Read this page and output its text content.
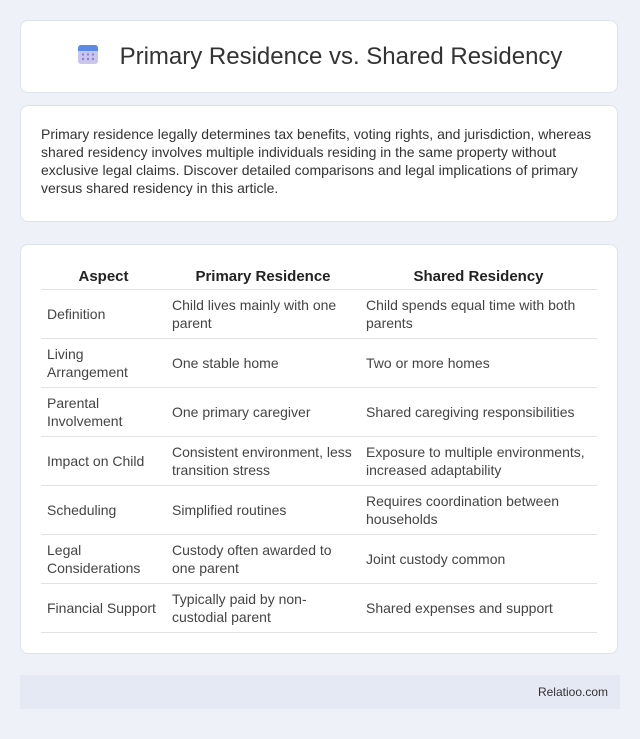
Primary Residence vs. Shared Residency

Primary residence legally determines tax benefits, voting rights, and jurisdiction, whereas shared residency involves multiple individuals residing in the same property without exclusive legal claims. Discover detailed comparisons and legal implications of primary versus shared residency in this article.

Aspect	Primary Residence	Shared Residency
Definition	Child lives mainly with one parent	Child spends equal time with both parents
Living Arrangement	One stable home	Two or more homes
Parental Involvement	One primary caregiver	Shared caregiving responsibilities
Impact on Child	Consistent environment, less transition stress	Exposure to multiple environments, increased adaptability
Scheduling	Simplified routines	Requires coordination between households
Legal Considerations	Custody often awarded to one parent	Joint custody common
Financial Support	Typically paid by non-custodial parent	Shared expenses and support
Relatioo.com
